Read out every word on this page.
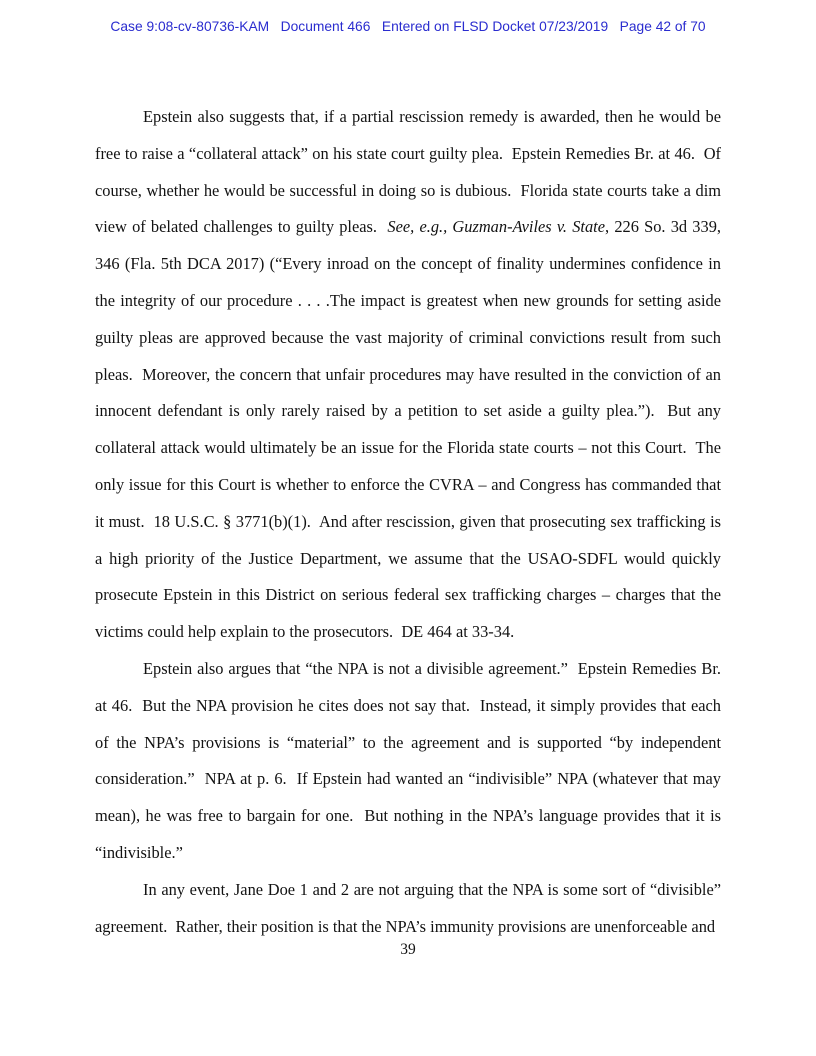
Case 9:08-cv-80736-KAM   Document 466   Entered on FLSD Docket 07/23/2019   Page 42 of 70

Epstein also suggests that, if a partial rescission remedy is awarded, then he would be free to raise a “collateral attack” on his state court guilty plea.  Epstein Remedies Br. at 46.  Of course, whether he would be successful in doing so is dubious.  Florida state courts take a dim view of belated challenges to guilty pleas.  See, e.g., Guzman-Aviles v. State, 226 So. 3d 339, 346 (Fla. 5th DCA 2017) (“Every inroad on the concept of finality undermines confidence in the integrity of our procedure . . . .The impact is greatest when new grounds for setting aside guilty pleas are approved because the vast majority of criminal convictions result from such pleas.  Moreover, the concern that unfair procedures may have resulted in the conviction of an innocent defendant is only rarely raised by a petition to set aside a guilty plea.”).  But any collateral attack would ultimately be an issue for the Florida state courts – not this Court.  The only issue for this Court is whether to enforce the CVRA – and Congress has commanded that it must.  18 U.S.C. § 3771(b)(1).  And after rescission, given that prosecuting sex trafficking is a high priority of the Justice Department, we assume that the USAO-SDFL would quickly prosecute Epstein in this District on serious federal sex trafficking charges – charges that the victims could help explain to the prosecutors.  DE 464 at 33-34.

Epstein also argues that “the NPA is not a divisible agreement.”  Epstein Remedies Br. at 46.  But the NPA provision he cites does not say that.  Instead, it simply provides that each of the NPA’s provisions is “material” to the agreement and is supported “by independent consideration.”  NPA at p. 6.  If Epstein had wanted an “indivisible” NPA (whatever that may mean), he was free to bargain for one.  But nothing in the NPA’s language provides that it is “indivisible.”

In any event, Jane Doe 1 and 2 are not arguing that the NPA is some sort of “divisible” agreement.  Rather, their position is that the NPA’s immunity provisions are unenforceable and

39
